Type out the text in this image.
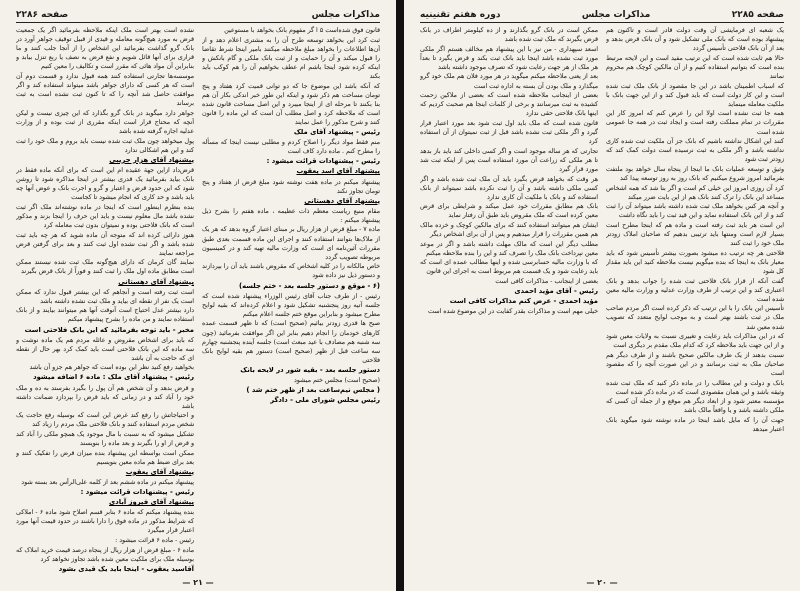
مذاکرات مجلس
صفحه ۲۲۸۶

قانون فوق شده‌است ۵ ا گر مفهوم بانک بخواهد با مستوعین

ثبت کرد این بخواهد توسعه طرح آن را به مشتری اعلام دهد و از آن‌ها اطلاعات را بخواهد مبلغ ملاحظه میکنند بامیر اینجا شرط تقاضا را قبول میکند و آن را حمایت و از ثبت بانک ملکی و گام بانکش و اینکه کرده شود اینجا باشم ام عطف بخواهیم آن را هم کوکب باید بکند

که آنکه باشد این موضوع جا که دو توانی قمیت کرد هفتاد و پنج تومان مساحت هم ذکر شود و اینکه این طور خبر اندکی بکار آن هم بنا بکنند تا مرحله ای از اینجا میبرد و این اصل مساحت قانون شده است که ملاحظه کرد و اصل مطلب آن است که این ماده را قانون کنند و شرح مذکور را عمل نمایند

رئیس - پیشنهاد آقای ملک

منم فقط مواد دیگر را اصلاح کردم و مطلبی نیست اینجا که مسأله را مطرح کنم . ماده دارد کاف است

رئیس - پیشنهادات قرائت میشود :

پیشنهاد آقای اسد یعقوب

پیشنهاد میکنم در ماده هفت نوشته شود مبلغ قرض از هفتاد و پنج تومان تجاوز نکند

پیشنهاد آقای دهستانی

مقام منیع ریاست معظم ذات عظیمه ، ماده هفتم را بشرح ذیل پیشنهاد میکنم :

ماده ۷ - مبلغ قرض از هزار ریال بر مبنای اعتبار گروه بدهد که هر یک از ملاک‌ها بتوانند استفاده کنند و اجرای این ماده قسمت بعدی طبق مقررات آئین‌نامه ای است که وزارت مالیه تهیه کند و در کمیسیون مربوطه تصویب گردد

خاص مالکانه را در کلیه اشخاص که مقروض باشند باید آن را بپردازند و دستور ذیل نیز داده شود

(۶ - موقع و دستور جلسه بعد - ختم جلسه)

رئیس - از طرف جناب آقای رئیس الوزراء پیشنهاد شده است که جلسه آتیه روز پنجشنبه تشکیل شود و اعلام کرده‌اند که بقیه لوایح مطرح میشود و بنابراین موقع ختم جلسه اعلام میکنم

صبح ها قدری زودتر بیائیم (صحیح است) که تا ظهر قسمت عمده کارهای خودمان را انجام دهیم بنابر این اگر موافقت بفرمائید (چون سه شنبه هم مصادف با عید مبعث است) جلسه آینده پنجشنبه چهارم سه ساعت قبل از ظهر (صحیح است) دستور هم بقیه لوایح بانک فلاحتی

دستور جلسه بعد - بقیه شور در لایحه بانک

(صحیح است) مجلس ختم میشود

( مجلس نیم‌ساعت بعد از ظهر ختم شد )

رئیس مجلس شورای ملی - دادگر

نشده است بهتر است ملک اینکه ملاحظه بفرمائید اگر یک جمعیت قرض به مورد هیچ‌گونه معامله و قیدی از قبیل توقیف جواهر آورد در بانک گرو گذاشت بفرمائید این اشخاص را از آنجا جلب کنند و ما قراری برای آنها قائل شویم و نفع قرض به نصف یا ربع تنزل بیابد و بنابراین آن مواد هائی که مقرر است و تکالیف را معین کنیم

موسسه‌ها تجارتی استفاده کنند همه قبول ندارد و قسمت دوم آن است که هر کسی که دارای جواهر باشد میتواند استفاده کند و اگر موافقت حاصل شد آنچه را که تا کنون ثبت نشده است به ثبت برساند

جواهر دارد میگوید در بانک گرو بگذارد که این چیزی نیست و لیکن آنچه که محتاج قرار است اینکه مقرری از ثبت بوده و از وزارت عدلیه اجازه گرفته شده باشد

پول میخواهد چون ملک ثبت شده نیست باید بروم و ملک خود را ثبت کند و این هم اشکالی ندارد

پیشنهاد آقای هزار جریبی

قرض‌داد ازاین جهة عقیده ام این است که برای آنکه ماده فقط در بانک بیاید بفرمائید یک قدری بیشتر در اینجا مذاکره شود تا روشن شود که این حدود قرض و اعتبار و گرو و اجرت بانک و عوض آنها چه باید باشد و حد کاری که انجام میشود تا کجاست

بنده بنظرم اینطور است که اینجا در ماده نوشته‌اند ملک اگر ثبت نشده باشد مال معلوم نیست و باید این حرف را اینجا بزند و مذکور است که بانک فلاحتی بوده و نمیتوان بدون ثبت معامله کرد

هنوز دارائی کرده اند که متوجه آن ماده شوید که هر چه باید ثبت شده باشد و اگر ثبت نشده اول ثبت کنند و بعد برای گرفتن قرض مراجعه نمایند

نمایند گان کرمان که دارای هیچ‌گونه ملک ثبت شده نیستند ممکن است مطابق ماده اول ملک را ثبت کنند و فوراً از بانک قرض بگیرند

پیشنهاد آقای دهستانی

است ثبت رفته است و آنجاهم که این بیشتر قبول ندارد که ممکن است یک نفر از نقطه ای بیاید و ملک ثبت نشده داشته باشد

دارد بیشتر عدل احتیاج است آنوقت آنها هم میتوانند بیایند و از بانک استفاده نمایند و من ماده را بشرح پیشنهاد میکنم

مخبر - باید توجه بفرمائید که این بانک فلاحتی است

که باید برای اشخاص مقروض و عائله مردم هم یک ماده نوشت و سه ماده که این بانک فلاحتی است باید کمک کرد بهر حال از نقطه ای که حاجت به آن باشد

بخواهید رفع کنید نظر این بوده است که جواهر هم جزو آن باشد

رئیس - پیشنهاد آقای ملک : ماده ۶ اضافه میشود

و قرض بدهد و آن شخص هم آن پول را بگیرد بفرستد به ده و ملک خود را آباد کند و در زمانی که باید قرض را بپردازد ضمانت داشته باشد

و احتیاجاتش را رفع کند غرض این است که بوسیله رفع حاجت یک شخص مردم استفاده کنند و بانک فلاحتی ملک مردم را زیاد کند

تشکیل میشود که به نسبت با مال موجود یک همچو ملکی را آباد کند و قرض از او را بگیرند و بعد ماده را بنویسند

ممکن است بواسطه این پیشنهاد بنده میزان قرض را تفکیک کنند و بعد برای ضبط هم ماده معین بنویسیم

پیشنهاد آقای یعقوب

پیشنهاد میکنم در ماده ششم بعد از کلمه علی‌الرأس بعد بسته شود

رئیس - پیشنهادات قرائت میشود :

پیشنهاد آقای فیروز آبادی

بنده پیشنهاد میکنم که ماده ۶ بنابر قسم اصلاح شود ماده ۶ - املاکی که شرایط مذکور در ماده فوق را دارا باشند در حدود قیمت آنها مورد اعتبار قرار میگیرد

رئیس - ماده ۶ قرائت میشود :

ماده ۶ - مبلغ قرض از هزار ریال از پنجاه درصد قیمت خرید املاک که بوسیله ملک برای ملکیت معین شده باشد تجاوز نخواهد کرد

آقاسید یعقوب - اینجا باید یک قیدی بشود

— ۲۱ —
صفحه ۲۲۸۵
مذاکرات مجلس
دوره هفتم تقنینیه

یک شعبه ای فرمایشی آن وقت دولت قادر است و تاکنون هم پیشنهاد بوده است که بانک ملی تشکیل شود و آن بانک قرض بدهد و بعد از آن بانک فلاحتی تأسیس گردد

حالا هم ثابت شده است که این ترتیب مفید است و این لایحه مرتبط بنده است که بتوانیم استفاده کنیم و از آن مالکین کوچک هم محروم نمانند

که اسباب اطمینان باشد در این جا مقصود از بانک ملک ثبت شده است و این کار دولت است که باید قبول کند و از این جهت بانک با ملکیت معامله مینماید

همه جا ثبت نشده است اولا این را عرض کنم که امروز کار این مقررات در تمام مملکت رفته است و ایجاد ثبت در همه جا عمومی شده است

کنند این اشکال نداشته باشیم که بانک جز آن ملکیت ثبت شده کاری نداشته باشد و اگر ملکی به ثبت نرسیده است دولت کمک کند که زودتر ثبت شود

وثیق و توسعه عملیات بانک ما اینجا از پنجاه سال خواهد بود ملتفت بفرمائید امروز شروع میکنیم که بانک روز به روز توسعه پیدا کند

کرد آن روزی امروز این خیلی کم است و اگر بنا شد که همه اشخاص مساعد این بانک را ترک کنند بانک هم از این بایت ضرر میکند

و آنچه هر کس بخواهد ملک ثبت شده داشته باشد میتواند آن را ثبت کند و از این بانک استفاده نماید و این قید ثبت را باید نگاه داشت

این است هر باید ثبت رفته است و ماده هم که اینجا مطرح است بسیار لازم است ومنتها باید ترتیبی بدهیم که صاحبان املاک زودتر ملک خود را ثبت کنند

فلاحتی هر چه ترتیب ده میشود بصورت بیشتر تأسیس شود که باید معیار بانک به اینجا که بنده میگویم نیست ملاحظه کنید این باید مقدار کل شود

گفت آنکه از قرار بانک فلاحتی ثبت شده را جواب بدهد و بانک اعتباری کند و این ترتیب از طرف وزارت عدلیه و وزارت مالیه معین شده است

تأسیس این بانک را با این ترتیب که ذکر کرده است اگر مردم صاحب ملک در ثبت باشند بهتر است و به موجب لوایح متعدد که تصویب شده معین شد

که در این مذاکرات باید رعایت و تغییری نسبت به ولایات معین شود و از این جهت باید ملاحظه کرد که کدام ملک مقدم بر دیگری است

نسبت بدهند از یک طرف مالکین صحیح باشند و از طرف دیگر هم صاحبان ملک به ثبت برسانند و در این صورت آنچه را که مقصود است

بانک و دولت و این مطالب را در ماده ذکر کنید که ملک ثبت شده وثیقه باشد و این همان مقصودی است که در ماده ذکر شده است

مؤسسه معتبر شود و از ابعاد دیگر هم موقع و از جمله آن کسی که ملکی داشته باشد و یا واقعاً مالک باشد

جهت آن را که مایل باشد اینجا در ماده نوشته شود میگوید بانک اعتبار میدهد

ممکن است در بانک گرو بگذارند و از ده کیلومتر اطراف در بانک قرض بگیرند که ملک ثبت شده باشد

اسعد سپهداری - من نیز با این پیشنهاد هم مخالف هستم اگر ملکی مورد ثبت نشده باشد اینجا باید بانک ثبت بکند و قرض بگیرد تا بعداً هر ملک از هر جهت رعایت شود که تصرف موجود داشته باشد

بعد از یعنی ملاحظه میکنم میگوید در هر مورد فلان هم ملک خود گرو میگذارد و ملک بودن آن بسته به اداره ثبت است

بعضی از اینجانب ملاحظه شده است که بعضی از ملاکین زحمت کشیده به ثبت میرسانند و برخی از کلمات اینجا هم صحبت کردیم که اینها بانک فلاحتی حقی ندارد

قانون شده است که ملک باید اول ثبت شود بعد مورد اعتبار قرار گیرد و اگر ملکی ثبت نشده باشد قبل از ثبت نمیتوان از آن استفاده کرد

تجارتی که هر ساله موجود است و اگر کسی داخلی کند باید باز بدهد تا هر ملکی که زراعت آن مورد استفاده است پس از اینکه ثبت شد مورد قرار گیرد

هر وقت که بخواهد قرض بگیرد باید آن ملک ثبت شده باشد و اگر کسی ملکی داشته باشد و آن را ثبت نکرده باشد نمیتواند از بانک استفاده کند و بانک با ملکیت آن کاری ندارد

بانک هم مطابق مقررات خود عمل میکند و شرایطی برای قرض معین کرده است که ملک مقروض باید طبق آن رفتار نماید

ایشان هم میتوانند استفاده کنند که برای مالکین کوچک و خرده مالک هم همین مقررات را قرار میدهیم و پس از آن برای اشخاص دیگر

مطلب دیگر این است که مالک مهلت داشته باشد و اگر در موعد معین نپرداخت بانک ملک را تصرف کند و این را بنده ملاحظه میکنم

که با وزارت مالیه حسابرسی شده و اینها مطالب عمده ای است که باید رعایت شود و یک قسمت هم مربوط است به اجرای این قانون

بعضی از اینجانب - مذاکرات کافی است

رئیس - آقای مؤید احمدی

مؤید احمدی - عرض کنم مذاکرات کافی است

خیلی مهم است و مذاکرات بقدر کفایت در این موضوع شده است

— ۲۰ —
